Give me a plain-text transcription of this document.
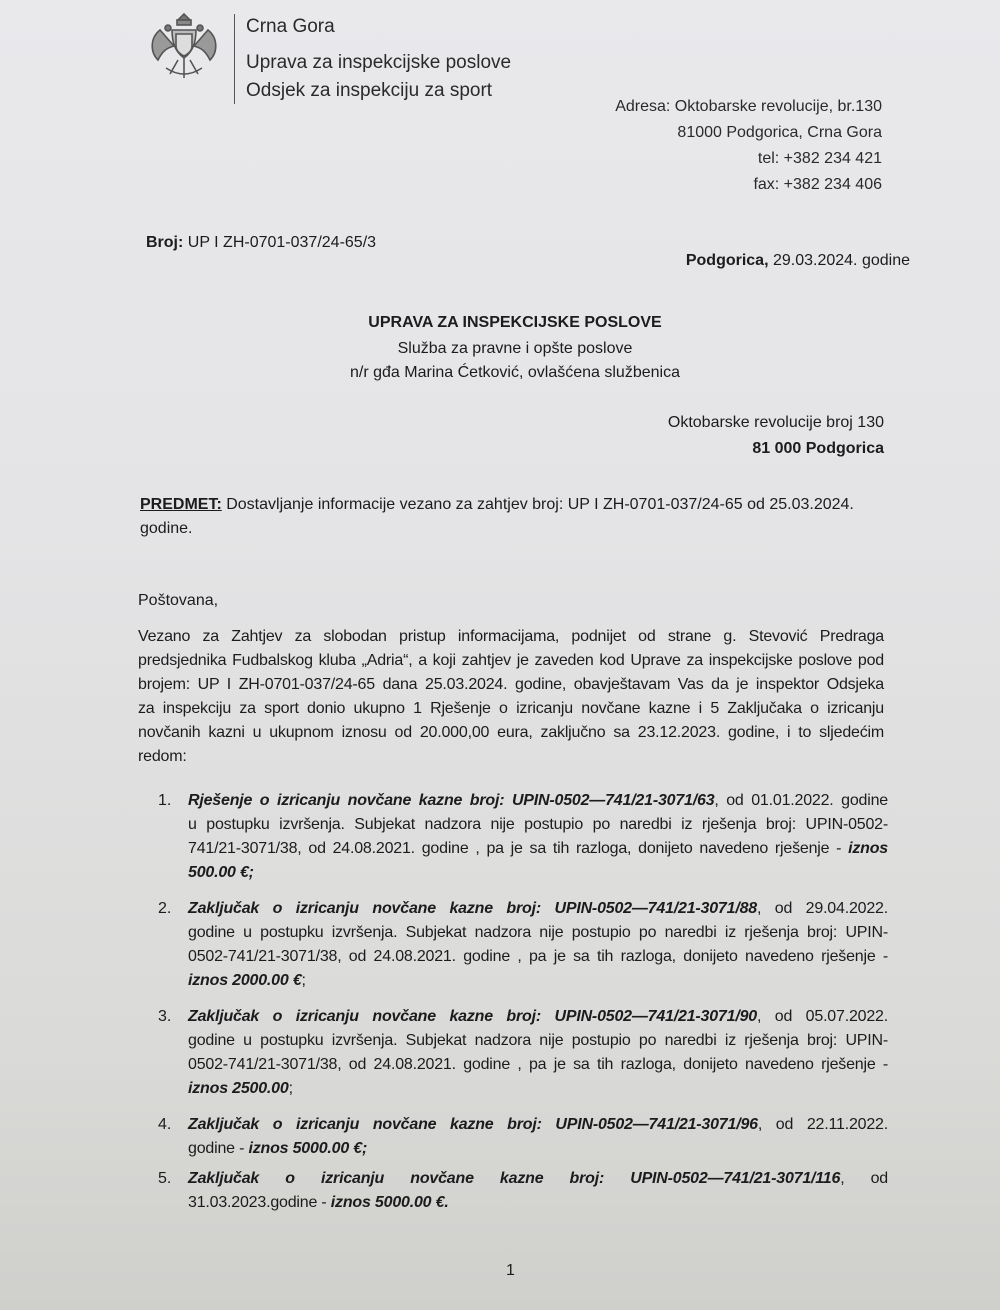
Crna Gora
Uprava za inspekcijske poslove
Odsjek za inspekciju za sport
Adresa: Oktobarske revolucije, br.130
81000 Podgorica, Crna Gora
tel: +382 234 421
fax: +382 234 406
Broj: UP I ZH-0701-037/24-65/3
Podgorica, 29.03.2024. godine
UPRAVA ZA INSPEKCIJSKE POSLOVE
Služba za pravne i opšte poslove
n/r gđa Marina Ćetković, ovlašćena službenica
Oktobarske revolucije broj 130
81 000 Podgorica
PREDMET: Dostavljanje informacije vezano za zahtjev broj: UP I ZH-0701-037/24-65 od 25.03.2024.
godine.
Poštovana,
Vezano za Zahtjev za slobodan pristup informacijama, podnijet od strane g. Stevović Predraga
predsjednika Fudbalskog kluba „Adria“, a koji zahtjev je zaveden kod Uprave za inspekcijske poslove pod
brojem: UP I ZH-0701-037/24-65 dana 25.03.2024. godine, obavještavam Vas da je inspektor Odsjeka
za inspekciju za sport donio ukupno 1 Rješenje o izricanju novčane kazne i 5 Zaključaka o izricanju
novčanih kazni u ukupnom iznosu od 20.000,00 eura, zaključno sa 23.12.2023. godine, i to sljedećim
redom:
1. Rješenje o izricanju novčane kazne broj: UPIN-0502—741/21-3071/63, od 01.01.2022. godine
u postupku izvršenja. Subjekat nadzora nije postupio po naredbi iz rješenja broj: UPIN-0502-
741/21-3071/38, od 24.08.2021. godine , pa je sa tih razloga, donijeto navedeno rješenje - iznos
500.00 €;
2. Zaključak o izricanju novčane kazne broj: UPIN-0502—741/21-3071/88, od 29.04.2022.
godine u postupku izvršenja. Subjekat nadzora nije postupio po naredbi iz rješenja broj: UPIN-
0502-741/21-3071/38, od 24.08.2021. godine , pa je sa tih razloga, donijeto navedeno rješenje -
iznos 2000.00 €;
3. Zaključak o izricanju novčane kazne broj: UPIN-0502—741/21-3071/90, od 05.07.2022.
godine u postupku izvršenja. Subjekat nadzora nije postupio po naredbi iz rješenja broj: UPIN-
0502-741/21-3071/38, od 24.08.2021. godine , pa je sa tih razloga, donijeto navedeno rješenje -
iznos 2500.00;
4. Zaključak o izricanju novčane kazne broj: UPIN-0502—741/21-3071/96, od 22.11.2022.
godine - iznos 5000.00 €;
5. Zaključak o izricanju novčane kazne broj: UPIN-0502—741/21-3071/116, od
31.03.2023.godine - iznos 5000.00 €.
1
